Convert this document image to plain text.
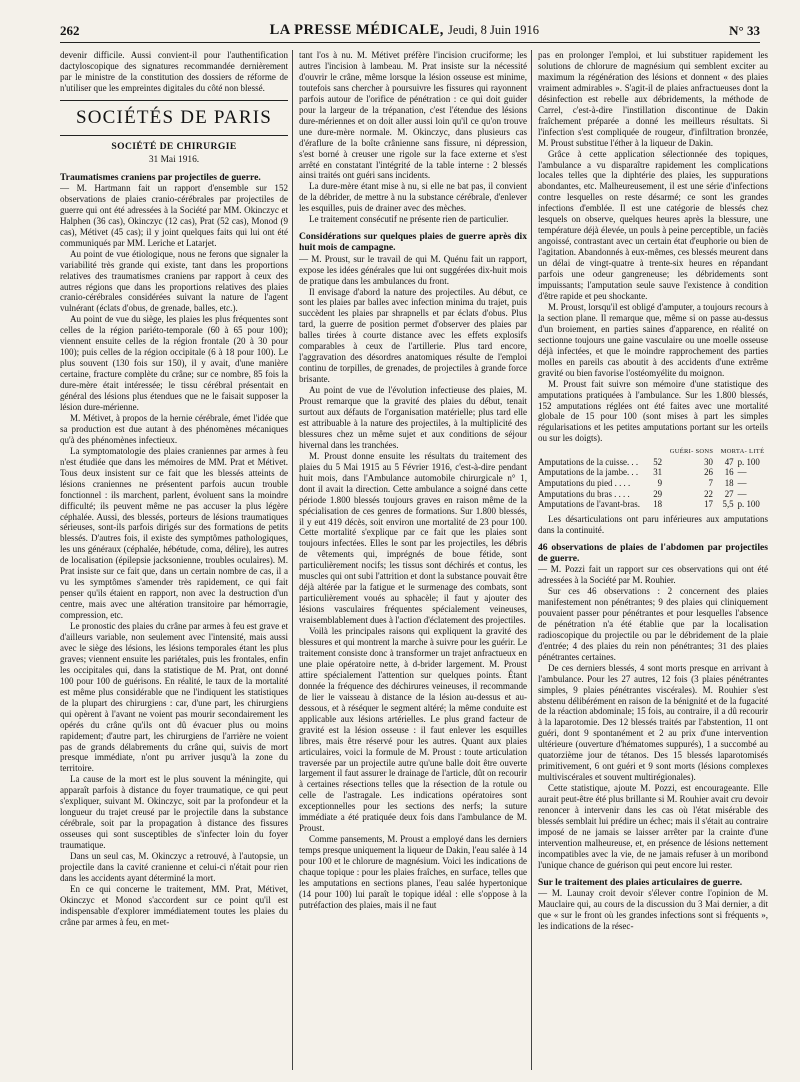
262	LA PRESSE MÉDICALE, Jeudi, 8 Juin 1916	N° 33

devenir difficile. Aussi convient-il pour l'authentification dactyloscopique des signatures recommandée dernièrement par le ministre de la constitution des dossiers de réforme de n'utiliser que les empreintes digitales du côté non blessé.

SOCIÉTÉS DE PARIS
SOCIÉTÉ DE CHIRURGIE
31 Mai 1916.

Traumatismes craniens par projectiles de guerre.

— M. Hartmann fait un rapport d'ensemble sur 152 observations de plaies cranio-cérébrales par projectiles de guerre qui ont été adressées à la Société par MM. Okinczyc et Halphen (36 cas), Okinczyc (12 cas), Prat (52 cas), Monod (9 cas), Métivet (45 cas); il y joint quelques faits qui lui ont été communiqués par MM. Leriche et Latarjet.

Au point de vue étiologique, nous ne ferons que signaler la variabilité très grande qui existe, tant dans les proportions relatives des traumatismes craniens par rapport à ceux des autres régions que dans les proportions relatives des plaies cranio-cérébrales considérées suivant la nature de l'agent vulnérant (éclats d'obus, de grenade, balles, etc.).

Au point de vue du siège, les plaies les plus fréquentes sont celles de la région pariéto-temporale (60 à 65 pour 100); viennent ensuite celles de la région frontale (20 à 30 pour 100); puis celles de la région occipitale (6 à 18 pour 100). Le plus souvent (130 fois sur 150), il y avait, d'une manière certaine, fracture complète du crâne; sur ce nombre, 85 fois la dure-mère était intéressée; le tissu cérébral présentait en général des lésions plus étendues que ne le faisait supposer la lésion dure-mérienne.

M. Métivet, à propos de la hernie cérébrale, émet l'idée que sa production est due autant à des phénomènes mécaniques qu'à des phénomènes infectieux.

La symptomatologie des plaies craniennes par armes à feu n'est étudiée que dans les mémoires de MM. Prat et Métivet. Tous deux insistent sur ce fait que les blessés atteints de lésions craniennes ne présentent parfois aucun trouble fonctionnel : ils marchent, parlent, évoluent sans la moindre difficulté; ils peuvent même ne pas accuser la plus légère céphalée. Aussi, des blessés, porteurs de lésions traumatiques sérieuses, sont-ils parfois dirigés sur des formations de petits blessés. D'autres fois, il existe des symptômes pathologiques, les uns généraux (céphalée, hébétude, coma, délire), les autres de localisation (épilepsie jacksonienne, troubles oculaires). M. Prat insiste sur ce fait que, dans un certain nombre de cas, il a vu les symptômes s'amender très rapidement, ce qui fait penser qu'ils étaient en rapport, non avec la destruction d'un centre, mais avec une altération transitoire par hémorragie, compression, etc.

Le pronostic des plaies du crâne par armes à feu est grave et d'ailleurs variable, non seulement avec l'intensité, mais aussi avec le siège des lésions, les lésions temporales étant les plus graves; viennent ensuite les pariétales, puis les frontales, enfin les occipitales qui, dans la statistique de M. Prat, ont donné 100 pour 100 de guérisons. En réalité, le taux de la mortalité est même plus considérable que ne l'indiquent les statistiques de la plupart des chirurgiens : car, d'une part, les chirurgiens qui opèrent à l'avant ne voient pas mourir secondairement les opérés du crâne qu'ils ont dû évacuer plus ou moins rapidement; d'autre part, les chirurgiens de l'arrière ne voient pas de grands délabrements du crâne qui, suivis de mort presque immédiate, n'ont pu arriver jusqu'à la zone du territoire.

La cause de la mort est le plus souvent la méningite, qui apparaît parfois à distance du foyer traumatique, ce qui peut s'expliquer, suivant M. Okinczyc, soit par la profondeur et la longueur du trajet creusé par le projectile dans la substance cérébrale, soit par la propagation à distance des fissures osseuses qui sont susceptibles de s'infecter loin du foyer traumatique.

Dans un seul cas, M. Okinczyc a retrouvé, à l'autopsie, un projectile dans la cavité cranienne et celui-ci n'était pour rien dans les accidents ayant déterminé la mort.

En ce qui concerne le traitement, MM. Prat, Métivet, Okinczyc et Monod s'accordent sur ce point qu'il est indispensable d'explorer immédiatement toutes les plaies du crâne par armes à feu, en met-

tant l'os à nu. M. Métivet préfère l'incision cruciforme; les autres l'incision à lambeau. M. Prat insiste sur la nécessité d'ouvrir le crâne, même lorsque la lésion osseuse est minime, toutefois sans chercher à poursuivre les fissures qui rayonnent parfois autour de l'orifice de pénétration : ce qui doit guider pour la largeur de la trépanation, c'est l'étendue des lésions dure-mériennes et on doit aller aussi loin qu'il ce qu'on trouve une dure-mère normale. M. Okinczyc, dans plusieurs cas d'éraflure de la boîte crânienne sans fissure, ni dépression, s'est borné à creuser une rigole sur la face externe et s'est arrêté en constatant l'intégrité de la table interne : 2 blessés ainsi traités ont guéri sans incidents.

La dure-mère étant mise à nu, si elle ne bat pas, il convient de la débrider, de mettre à nu la substance cérébrale, d'enlever les esquilles, puis de drainer avec des mèches.

Le traitement consécutif ne présente rien de particulier.

Considérations sur quelques plaies de guerre après dix huit mois de campagne.

— M. Proust, sur le travail de qui M. Quénu fait un rapport, expose les idées générales que lui ont suggérées dix-huit mois de pratique dans les ambulances du front.

Il envisage d'abord la nature des projectiles. Au début, ce sont les plaies par balles avec infection minima du trajet, puis succèdent les plaies par shrapnells et par éclats d'obus. Plus tard, la guerre de position permet d'observer des plaies par balles tirées à courte distance avec les effets explosifs comparables à ceux de l'artillerie. Plus tard encore, l'aggravation des désordres anatomiques résulte de l'emploi continu de torpilles, de grenades, de projectiles à grande force brisante.

Au point de vue de l'évolution infectieuse des plaies, M. Proust remarque que la gravité des plaies du début, tenait surtout aux défauts de l'organisation matérielle; plus tard elle est attribuable à la nature des projectiles, à la multiplicité des blessures chez un même sujet et aux conditions de séjour hivernal dans les tranchées.

M. Proust donne ensuite les résultats du traitement des plaies du 5 Mai 1915 au 5 Février 1916, c'est-à-dire pendant huit mois, dans l'Ambulance automobile chirurgicale n° 1, dont il avait la direction. Cette ambulance a soigné dans cette période 1.800 blessés toujours graves en raison même de la spécialisation de ces genres de formations. Sur 1.800 blessés, il y eut 419 décès, soit environ une mortalité de 23 pour 100. Cette mortalité s'explique par ce fait que les plaies sont toujours infectées. Elles le sont par les projectiles, les débris de vêtements qui, imprégnés de boue fétide, sont particulièrement nocifs; les tissus sont déchirés et contus, les muscles qui ont subi l'attrition et dont la substance pouvait être déjà altérée par la fatigue et le surmenage des combats, sont particulièrement voués au sphacèle; il faut y ajouter des lésions vasculaires fréquentes spécialement veineuses, vraisemblablement dues à l'action d'éclatement des projectiles.

Voilà les principales raisons qui expliquent la gravité des blessures et qui montrent la marche à suivre pour les guérir. Le traitement consiste donc à transformer un trajet anfractueux en une plaie opératoire nette, à d-brider largement. M. Proust attire spécialement l'attention sur quelques points. Étant donnée la fréquence des déchirures veineuses, il recommande de lier le vaisseau à distance de la lésion au-dessus et au-dessous, et à réséquer le segment altéré; la même conduite est applicable aux lésions artérielles. Le plus grand facteur de gravité est la lésion osseuse : il faut enlever les esquilles libres, mais être réservé pour les autres. Quant aux plaies articulaires, voici la formule de M. Proust : toute articulation traversée par un projectile autre qu'une balle doit être ouverte largement il faut assurer le drainage de l'article, dût on recourir à certaines résections telles que la résection de la rotule ou celle de l'astragale. Les indications opératoires sont exceptionnelles pour les sections des nerfs; la suture immédiate a été pratiquée deux fois dans l'ambulance de M. Proust.

Comme pansements, M. Proust a employé dans les derniers temps presque uniquement la liqueur de Dakin, l'eau salée à 14 pour 100 et le chlorure de magnésium. Voici les indications de chaque topique : pour les plaies fraîches, en surface, telles que les amputations en sections planes, l'eau salée hypertonique (14 pour 100) lui paraît le topique idéal : elle s'oppose à la putréfaction des plaies, mais il ne faut

pas en prolonger l'emploi, et lui substituer rapidement les solutions de chlorure de magnésium qui semblent exciter au maximum la régénération des lésions et donnent « des plaies vraiment admirables ». S'agit-il de plaies anfractueuses dont la désinfection est rebelle aux débridements, la méthode de Carrel, c'est-à-dire l'instillation discontinue de Dakin fraîchement préparée a donné les meilleurs résultats. Si l'infection s'est compliquée de rougeur, d'infiltration bronzée, M. Proust substitue l'éther à la liqueur de Dakin.

Grâce à cette application sélectionnée des topiques, l'ambulance a vu disparaître rapidement les complications locales telles que la diphtérie des plaies, les suppurations abondantes, etc. Malheureusement, il est une série d'infections contre lesquelles on reste désarmé; ce sont les grandes infections d'emblée. Il est une catégorie de blessés chez lesquels on observe, quelques heures après la blessure, une température déjà élevée, un pouls à peine perceptible, un faciès angoissé, contrastant avec un certain état d'euphorie ou bien de l'agitation. Abandonnés à eux-mêmes, ces blessés meurent dans un délai de vingt-quatre à trente-six heures en répandant parfois une odeur gangreneuse; les débridements sont impuissants; l'amputation seule sauve l'existence à condition d'être rapide et peu shockante.

M. Proust, lorsqu'il est obligé d'amputer, a toujours recours à la section plane. Il remarque que, même si on passe au-dessus d'un broiement, en parties saines d'apparence, en réalité on sectionne toujours une gaine vasculaire ou une moelle osseuse déjà infectées, et que le moindre rapprochement des parties molles en pareils cas aboutit à des accidents d'une extrême gravité ou bien favorise l'ostéomyélite du moignon.

M. Proust fait suivre son mémoire d'une statistique des amputations pratiquées à l'ambulance. Sur les 1.800 blessés, 152 amputations réglées ont été faites avec une mortalité globale de 15 pour 100 (sont mises à part les simples régularisations et les petites amputations portant sur les orteils ou sur les doigts).

		GUÉRI- SONS	MORTA- LITÉ	
Amputations de la cuisse. . .	52	30	47	p. 100
Amputations de la jambe. . .	31	26	16	—
Amputations du pied . . . .	9	7	18	—
Amputations du bras . . . .	29	22	27	—
Amputations de l'avant-bras.	18	17	5,5	p. 100

Les désarticulations ont paru inférieures aux amputations dans la continuité.

46 observations de plaies de l'abdomen par projectiles de guerre.

— M. Pozzi fait un rapport sur ces observations qui ont été adressées à la Société par M. Rouhier.

Sur ces 46 observations : 2 concernent des plaies manifestement non pénétrantes; 9 des plaies qui cliniquement pouvaient passer pour pénétrantes et pour lesquelles l'absence de pénétration n'a été établie que par la localisation radioscopique du projectile ou par le débridement de la plaie d'entrée; 4 des plaies du rein non pénétrantes; 31 des plaies pénétrantes certaines.

De ces derniers blessés, 4 sont morts presque en arrivant à l'ambulance. Pour les 27 autres, 12 fois (3 plaies pénétrantes simples, 9 plaies pénétrantes viscérales). M. Rouhier s'est abstenu délibérément en raison de la bénignité et de la fugacité de la réaction abdominale; 15 fois, au contraire, il a dû recourir à la laparotomie. Des 12 blessés traités par l'abstention, 11 ont guéri, dont 9 spontanément et 2 au prix d'une intervention ultérieure (ouverture d'hématomes suppurés), 1 a succombé au quatorzième jour de tétanos. Des 15 blessés laparotomisés primitivement, 6 ont guéri et 9 sont morts (lésions complexes multiviscérales et souvent multirégionales).

Cette statistique, ajoute M. Pozzi, est encourageante. Elle aurait peut-être été plus brillante si M. Rouhier avait cru devoir renoncer à intervenir dans les cas où l'état misérable des blessés semblait lui prédire un échec; mais il s'était au contraire imposé de ne jamais se laisser arrêter par la crainte d'une intervention malheureuse, et, en présence de lésions nettement incompatibles avec la vie, de ne jamais refuser à un moribond l'unique chance de guérison qui peut encore lui rester.

Sur le traitement des plaies articulaires de guerre.

— M. Launay croit devoir s'élever contre l'opinion de M. Mauclaire qui, au cours de la discussion du 3 Mai dernier, a dit que « sur le front où les grandes infections sont si fréquents », les indications de la résec-
